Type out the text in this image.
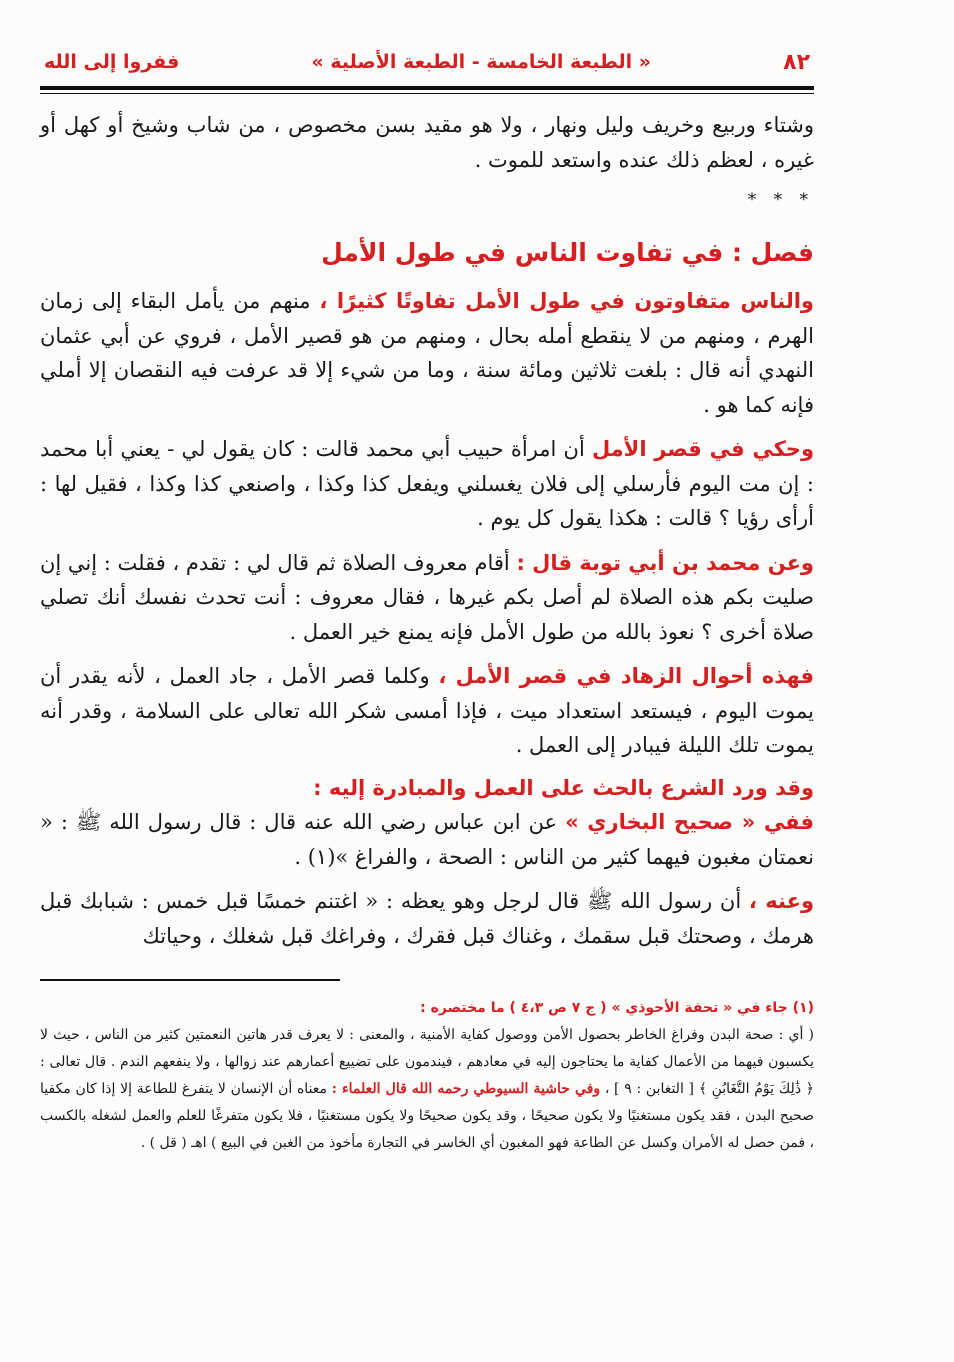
٨٢
« الطبعة الخامسة - الطبعة الأصلية »
ففروا إلى الله

وشتاء وربيع وخريف وليل ونهار ، ولا هو مقيد بسن مخصوص ، من شاب وشيخ أو كهل أو غيره ، لعظم ذلك عنده واستعد للموت .

* * *
فصل : في تفاوت الناس في طول الأمل

والناس متفاوتون في طول الأمل تفاوتًا كثيرًا ، منهم من يأمل البقاء إلى زمان الهرم ، ومنهم من لا ينقطع أمله بحال ، ومنهم من هو قصير الأمل ، فروي عن أبي عثمان النهدي أنه قال : بلغت ثلاثين ومائة سنة ، وما من شيء إلا قد عرفت فيه النقصان إلا أملي فإنه كما هو .

وحكي في قصر الأمل أن امرأة حبيب أبي محمد قالت : كان يقول لي - يعني أبا محمد : إن مت اليوم فأرسلي إلى فلان يغسلني ويفعل كذا وكذا ، واصنعي كذا وكذا ، فقيل لها : أرأى رؤيا ؟ قالت : هكذا يقول كل يوم .

وعن محمد بن أبي توبة قال : أقام معروف الصلاة ثم قال لي : تقدم ، فقلت : إني إن صليت بكم هذه الصلاة لم أصل بكم غيرها ، فقال معروف : أنت تحدث نفسك أنك تصلي صلاة أخرى ؟ نعوذ بالله من طول الأمل فإنه يمنع خير العمل .

فهذه أحوال الزهاد في قصر الأمل ، وكلما قصر الأمل ، جاد العمل ، لأنه يقدر أن يموت اليوم ، فيستعد استعداد ميت ، فإذا أمسى شكر الله تعالى على السلامة ، وقدر أنه يموت تلك الليلة فيبادر إلى العمل .

وقد ورد الشرع بالحث على العمل والمبادرة إليه :

ففي « صحيح البخاري » عن ابن عباس رضي الله عنه قال : قال رسول الله ﷺ : « نعمتان مغبون فيهما كثير من الناس : الصحة ، والفراغ »(١) .

وعنه ، أن رسول الله ﷺ قال لرجل وهو يعظه : « اغتنم خمسًا قبل خمس : شبابك قبل هرمك ، وصحتك قبل سقمك ، وغناك قبل فقرك ، وفراغك قبل شغلك ، وحياتك

(١) جاء في « تحفة الأحوذي » ( ج ٧ ص ٤،٣ ) ما مختصره :

( أي : صحة البدن وفراغ الخاطر بحصول الأمن ووصول كفاية الأمنية ، والمعنى : لا يعرف قدر هاتين النعمتين كثير من الناس ، حيث لا يكسبون فيهما من الأعمال كفاية ما يحتاجون إليه في معادهم ، فيندمون على تضييع أعمارهم عند زوالها ، ولا ينفعهم الندم . قال تعالى : ﴿ ذَٰلِكَ يَوْمُ التَّغَابُنِ ﴾ [ التغابن : ٩ ] ، وفي حاشية السيوطي رحمه الله قال العلماء : معناه أن الإنسان لا يتفرغ للطاعة إلا إذا كان مكفيا صحيح البدن ، فقد يكون مستغنيًا ولا يكون صحيحًا ، وقد يكون صحيحًا ولا يكون مستغنيًا ، فلا يكون متفرغًا للعلم والعمل لشغله بالكسب ، فمن حصل له الأمران وكسل عن الطاعة فهو المغبون أي الخاسر في التجارة مأخوذ من الغبن في البيع ) اهـ ( قل ) .
